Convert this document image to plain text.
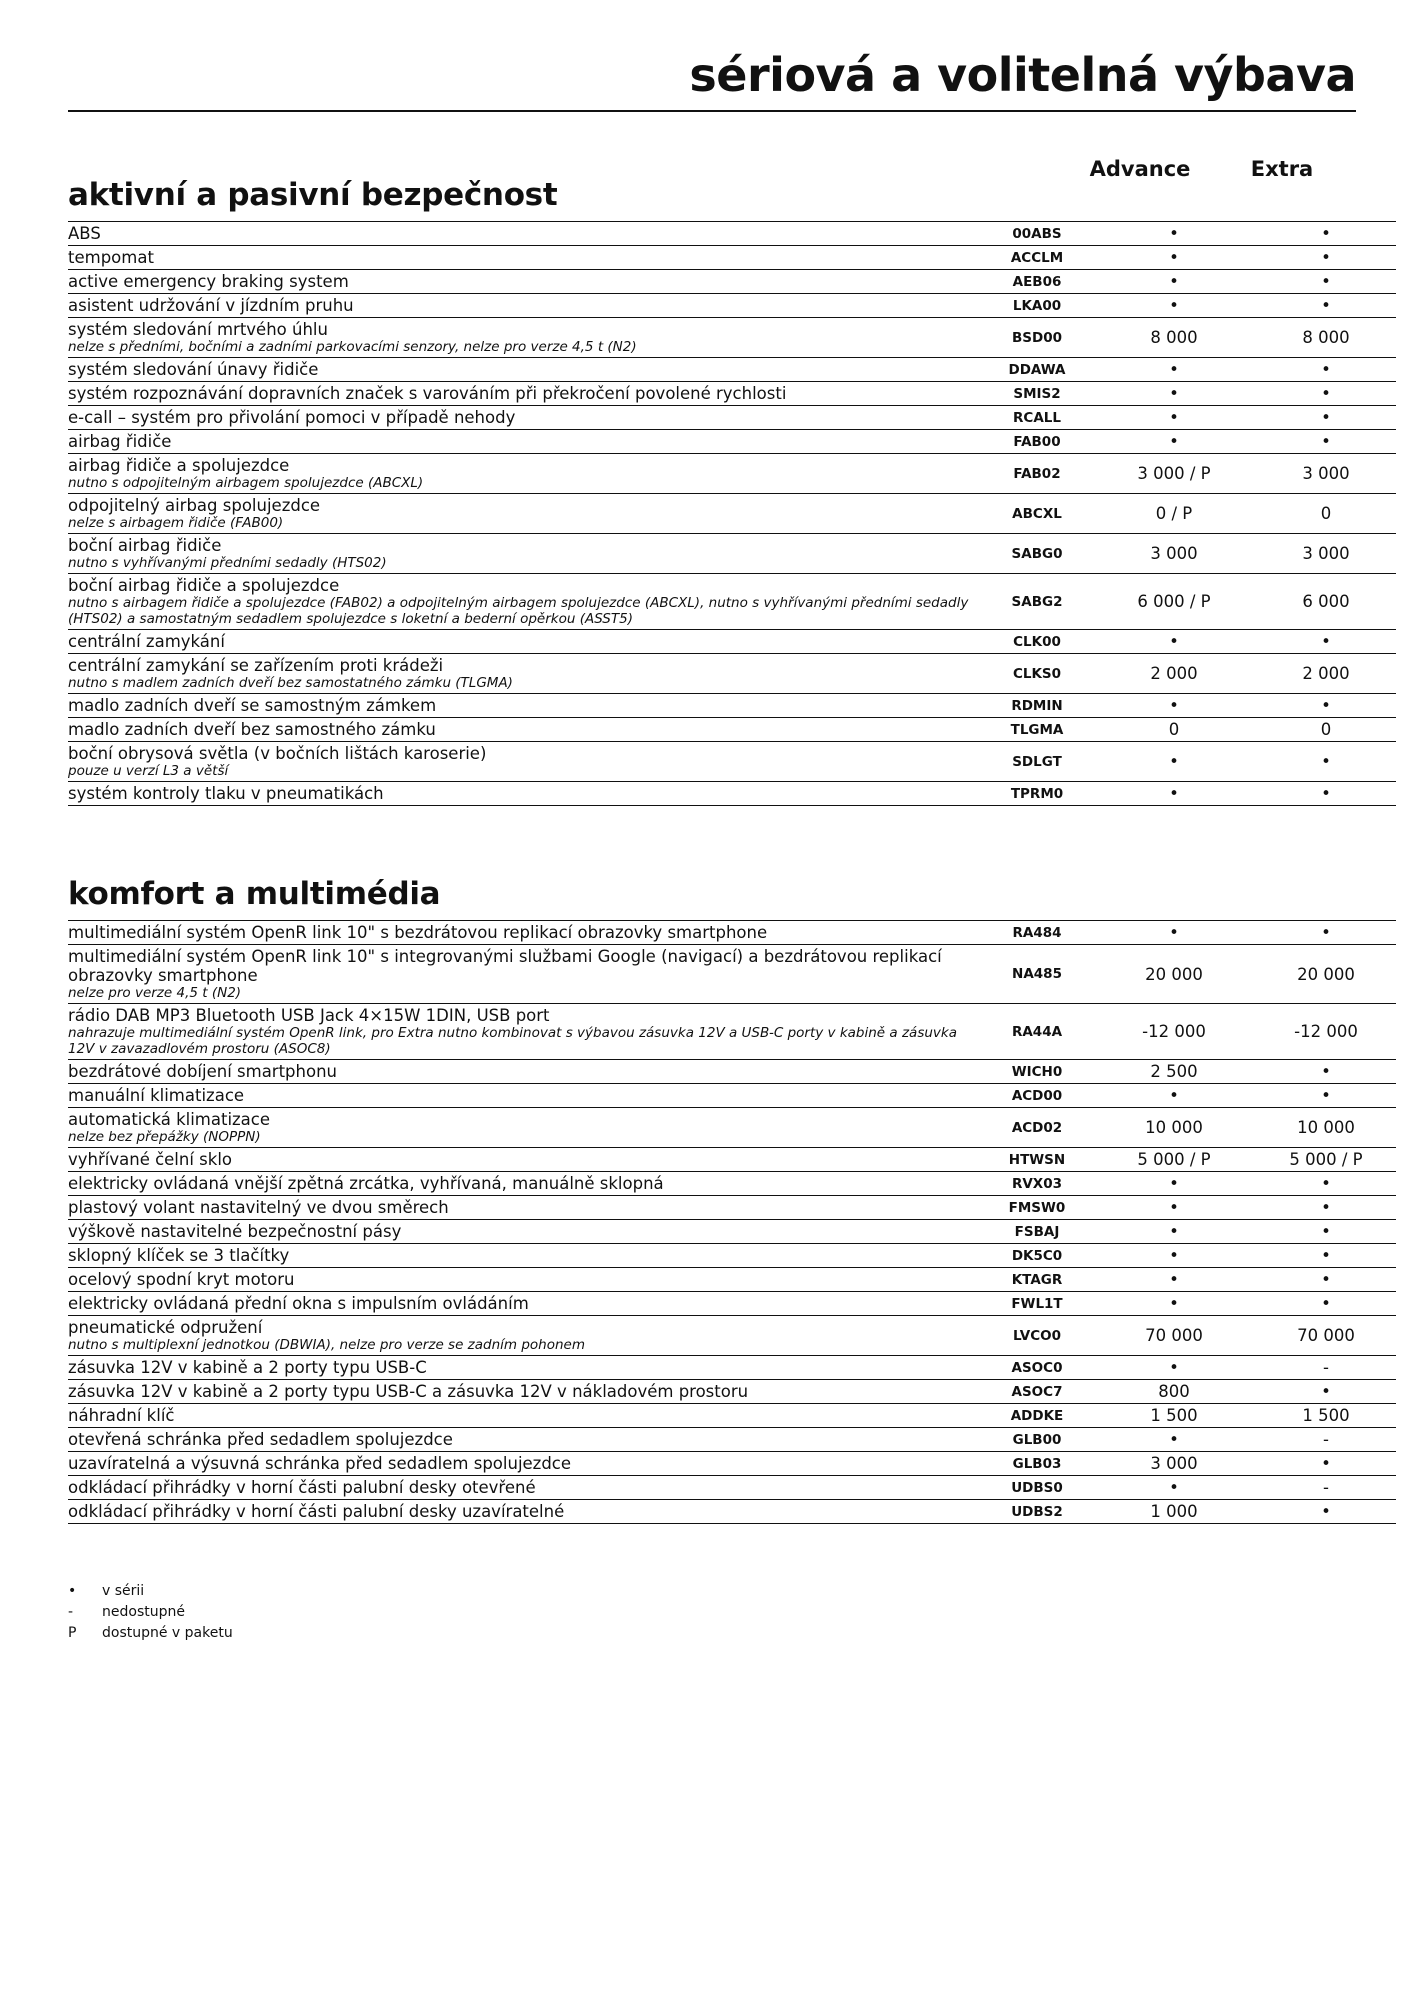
sériová a volitelná výbava
Advance	Extra
aktivní a pasivní bezpečnost
ABS	00ABS		•		•
tempomat	ACCLM		•		•
active emergency braking system	AEB06		•		•
asistent udržování v jízdním pruhu	LKA00		•		•
systém sledování mrtvého úhlu
nelze s předními, bočními a zadními parkovacími senzory, nelze pro verze 4,5 t (N2)	BSD00		8 000		8 000
systém sledování únavy řidiče	DDAWA		•		•
systém rozpoznávání dopravních značek s varováním při překročení povolené rychlosti	SMIS2		•		•
e-call – systém pro přivolání pomoci v případě nehody	RCALL		•		•
airbag řidiče	FAB00		•		•
airbag řidiče a spolujezdce
nutno s odpojitelným airbagem spolujezdce (ABCXL)	FAB02		3 000 / P		3 000
odpojitelný airbag spolujezdce
nelze s airbagem řidiče (FAB00)	ABCXL		0 / P		0
boční airbag řidiče
nutno s vyhřívanými předními sedadly (HTS02)	SABG0		3 000		3 000
boční airbag řidiče a spolujezdce
nutno s airbagem řidiče a spolujezdce (FAB02) a odpojitelným airbagem spolujezdce (ABCXL), nutno s vyhřívanými předními sedadly (HTS02) a samostatným sedadlem spolujezdce s loketní a bederní opěrkou (ASST5)	SABG2		6 000 / P		6 000
centrální zamykání	CLK00		•		•
centrální zamykání se zařízením proti krádeži
nutno s madlem zadních dveří bez samostatného zámku (TLGMA)	CLKS0		2 000		2 000
madlo zadních dveří se samostným zámkem	RDMIN		•		•
madlo zadních dveří bez samostného zámku	TLGMA		0		0
boční obrysová světla (v bočních lištách karoserie)
pouze u verzí L3 a větší	SDLGT		•		•
systém kontroly tlaku v pneumatikách	TPRM0		•		•
komfort a multimédia
multimediální systém OpenR link 10" s bezdrátovou replikací obrazovky smartphone	RA484		•		•
multimediální systém OpenR link 10" s integrovanými službami Google (navigací) a bezdrátovou replikací obrazovky smartphone
nelze pro verze 4,5 t (N2)	NA485		20 000		20 000
rádio DAB MP3 Bluetooth USB Jack 4×15W 1DIN, USB port
nahrazuje multimediální systém OpenR link, pro Extra nutno kombinovat s výbavou zásuvka 12V a USB-C porty v kabině a zásuvka 12V v zavazadlovém prostoru (ASOC8)	RA44A		-12 000		-12 000
bezdrátové dobíjení smartphonu	WICH0		2 500		•
manuální klimatizace	ACD00		•		•
automatická klimatizace
nelze bez přepážky (NOPPN)	ACD02		10 000		10 000
vyhřívané čelní sklo	HTWSN		5 000 / P		5 000 / P
elektricky ovládaná vnější zpětná zrcátka, vyhřívaná, manuálně sklopná	RVX03		•		•
plastový volant nastavitelný ve dvou směrech	FMSW0		•		•
výškově nastavitelné bezpečnostní pásy	FSBAJ		•		•
sklopný klíček se 3 tlačítky	DK5C0		•		•
ocelový spodní kryt motoru	KTAGR		•		•
elektricky ovládaná přední okna s impulsním ovládáním	FWL1T		•		•
pneumatické odpružení
nutno s multiplexní jednotkou (DBWIA), nelze pro verze se zadním pohonem	LVCO0		70 000		70 000
zásuvka 12V v kabině a 2 porty typu USB-C	ASOC0		•		-
zásuvka 12V v kabině a 2 porty typu USB-C a zásuvka 12V v nákladovém prostoru	ASOC7		800		•
náhradní klíč	ADDKE		1 500		1 500
otevřená schránka před sedadlem spolujezdce	GLB00		•		-
uzavíratelná a výsuvná schránka před sedadlem spolujezdce	GLB03		3 000		•
odkládací přihrádky v horní části palubní desky otevřené	UDBS0		•		-
odkládací přihrádky v horní části palubní desky uzavíratelné	UDBS2		1 000		•
•	v sérii
-	nedostupné
P	dostupné v paketu
